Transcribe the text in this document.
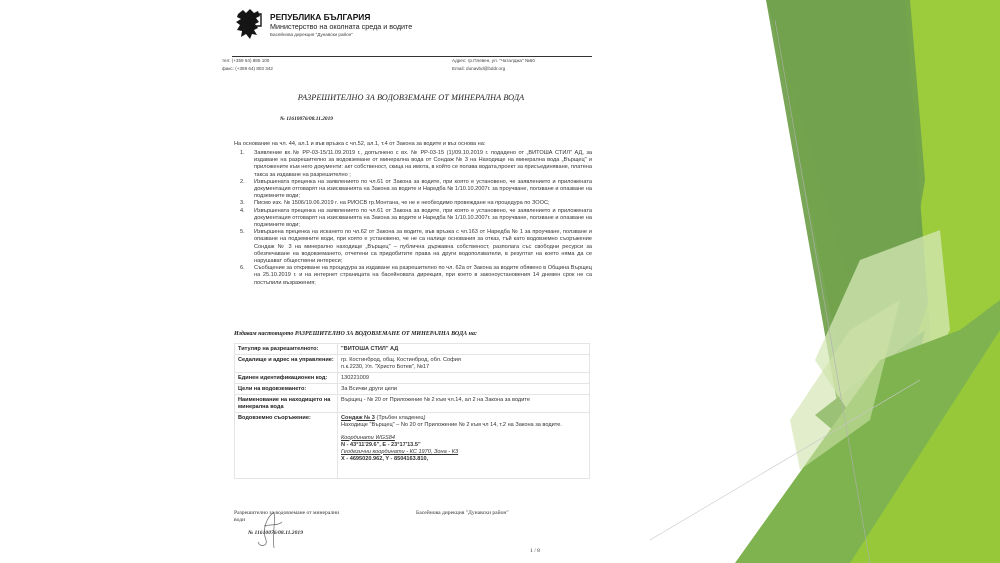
РЕПУБЛИКА БЪЛГАРИЯ
Министерство на околната среда и водите
Басейнова дирекция "Дунавски район"
тел: (+359 64) 885 100
факс: (+359 64) 803 342
Адрес: гр.Плевен, ул. "Чаталджа" №60
Email: dunavbd@bddr.org
РАЗРЕШИТЕЛНО ЗА ВОДОВЗЕМАНЕ ОТ МИНЕРАЛНА ВОДА
№ 11610076/08.11.2019
На основание на чл. 44, ал.1 и във връзка с чл.52, ал.1, т.4 от Закона за водите и въз основа на:
1. Заявление вх.№ РР-03-15/11.09.2019 г., допълнено с вх. № РР-03-15 (1)/09.10.2019 г. подадено от „ВИТОША СТИЛ" АД, за издаване на разрешително за водовземане от минерална вода от Сондаж № 3 на Находище на минерална вода „Върщец" и приложените към него документи: акт собственост, скица на имота, в който се ползва водата,проект за присъединяване, платена такса за издаване на разрешително ;
2. Извършената преценка на заявлението по чл.61 от Закона за водите, при която е установено, че заявлението и приложената документация отговарят на изискванията на Закона за водите и Наредба № 1/10.10.2007г. за проучване, ползване и опазване на подземните води;
3. Писмо изх. № 1506/19.06.2019 г. на РИОСВ гр.Монтана, че не е необходимо провеждане на процедура по ЗООС;
4. Извършената преценка на заявлението по чл.61 от Закона за водите, при която е установено, че заявлението и приложената документация отговарят на изискванията на Закона за водите и Наредба № 1/10.10.2007г. за проучване, ползване и опазване на подземните води;
5. Извършена преценка на искането по чл.62 от Закона за водите, във връзка с чл.163 от Наредба № 1 за проучване, ползване и опазване на подземните води, при която е установено, че не са налице основания за отказ, тъй като водовземно съоръжение Сондаж № 3 на минерално находище „Върщец" – публична държавна собственост, разполага със свободни ресурси за обезпечаване на водовземането, отчетени са придобитите права на други водоползватели, в резултат на което няма да се нарушават обществени интереси;
6. Съобщение за откриване на процедура за издаване на разрешително по чл. 62а от Закона за водите обявено в Община Върщец на 25.10.2019 г. и на интернет страницата на басейновата дирекция, при което в законоустановения 14 дневен срок не са постъпили възражения;
Издавам настоящото РАЗРЕШИТЕЛНО ЗА ВОДОВЗЕМАНЕ ОТ МИНЕРАЛНА ВОДА на:
Титуляр на разрешителното:	"ВИТОША СТИЛ" АД
Седалище и адрес на управление:	гр. Костинброд, общ. Костинброд, обл. София
п.к.2230, Ул. "Христо Ботев", №17

Единен идентификационен код:	130221009
Цели на водовземането:	За Всички други цели
Наименование на находището на минерална вода	Върщец - № 20 от Приложение № 2 към чл.14, ал 2 на Закона за водите
Водовземно съоръжение:	Сондаж № 3 (Тръбен кладенец)
Находище "Върщец" – No 20 от Приложение № 2 към чл 14, т.2 на Закона за водите.
Координати WGS84
N - 43°11'29.6", E - 23°17'13.5"
Геодезични координати - КС 1970, Зона - К3
X - 4695020.962, Y - 8504163.810,
Разрешително за водовземане от минерални
води
№ 11610076/08.11.2019
Басейнова дирекция "Дунавски район"
1 / 8
